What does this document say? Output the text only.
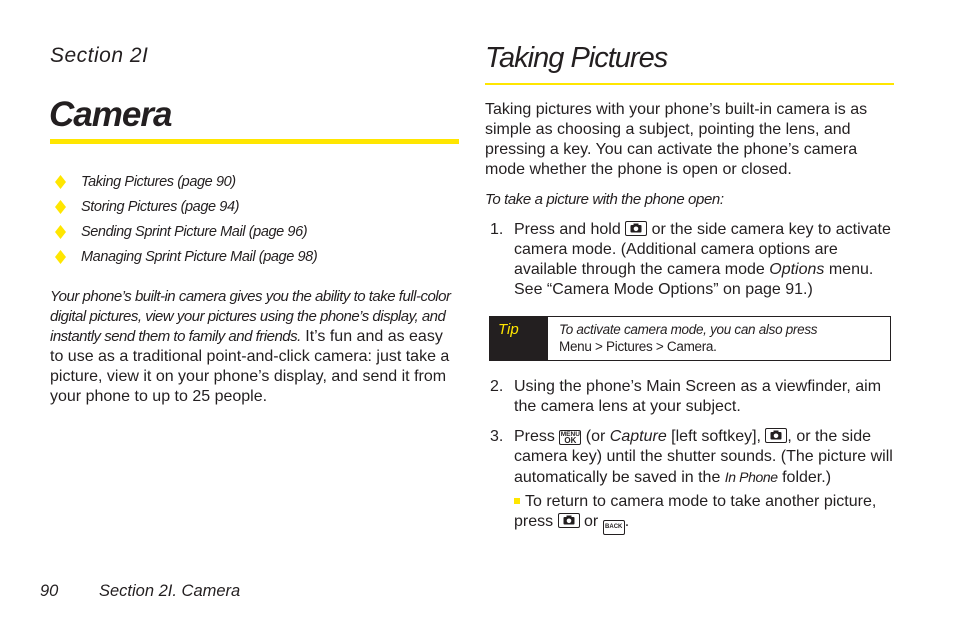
Section 2I
Camera
Taking Pictures (page 90)
Storing Pictures (page 94)
Sending Sprint Picture Mail (page 96)
Managing Sprint Picture Mail (page 98)
Your phone’s built-in camera gives you the ability to take full-color digital pictures, view your pictures using the phone’s display, and instantly send them to family and friends. It’s fun and as easy to use as a traditional point-and-click camera: just take a picture, view it on your phone’s display, and send it from your phone to up to 25 people.
Taking Pictures
Taking pictures with your phone’s built-in camera is as simple as choosing a subject, pointing the lens, and pressing a key. You can activate the phone’s camera mode whether the phone is open or closed.
To take a picture with the phone open:
1. Press and hold
or the side camera key to activate camera mode. (Additional camera options are available through the camera mode Options menu. See “Camera Mode Options” on page 91.)
Tip	To activate camera mode, you can also press
Menu > Pictures > Camera.
2. Using the phone’s Main Screen as a viewfinder, aim the camera lens at your subject.
3. Press MENU
OK (or Capture [left softkey],
, or the side camera key) until the shutter sounds. (The picture will automatically be saved in the In Phone folder.)
To return to camera mode to take another picture, press
or BACK .
90 Section 2I. Camera
